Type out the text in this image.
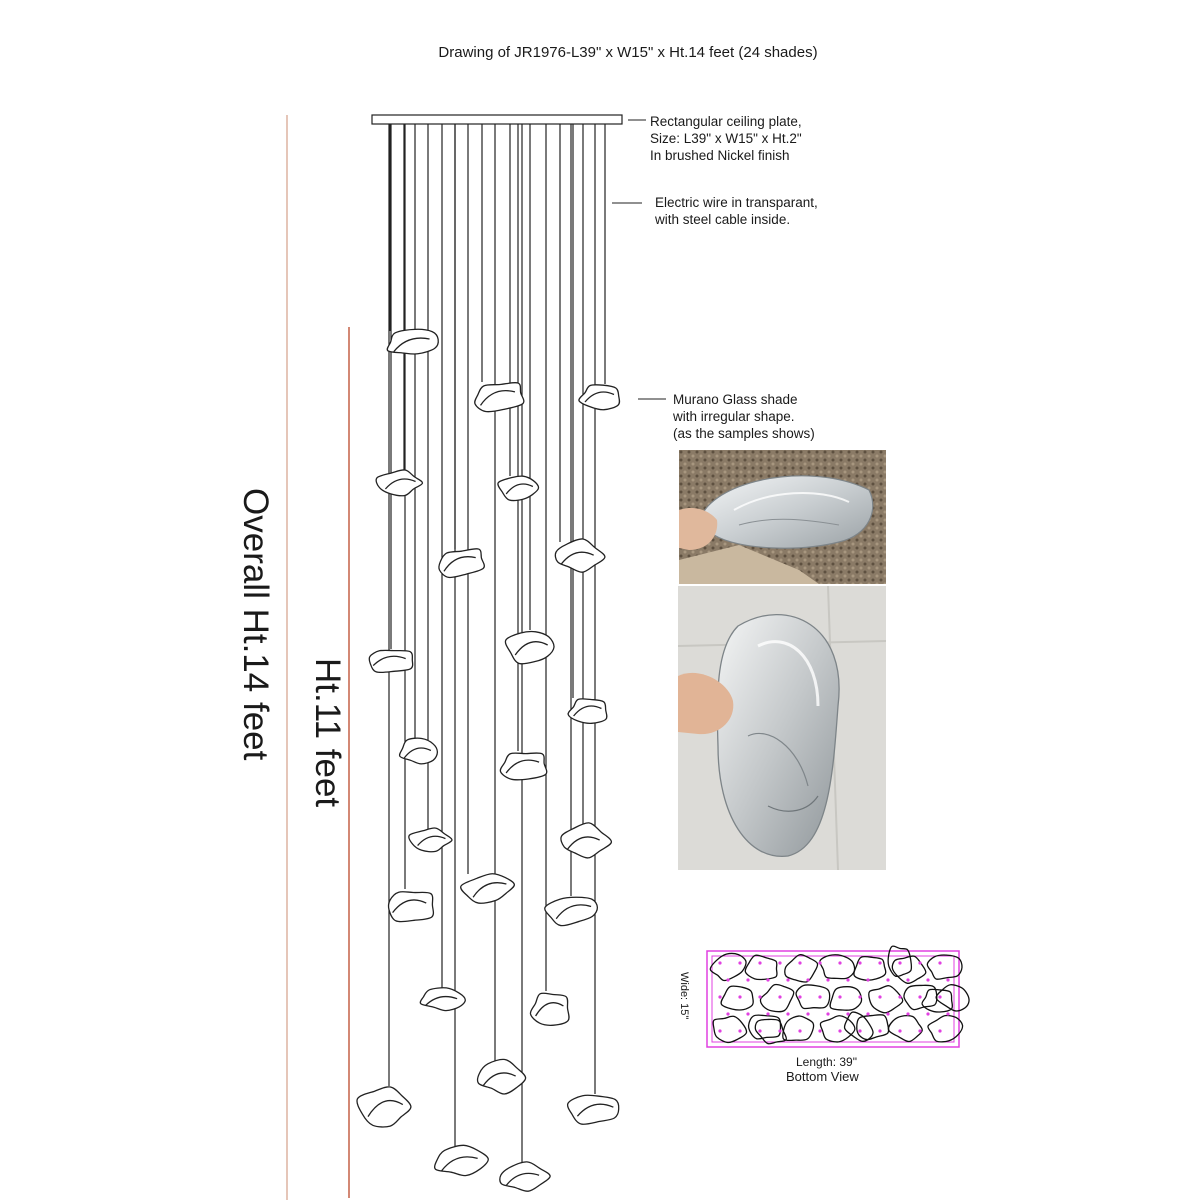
Drawing of JR1976-L39" x W15" x Ht.14 feet (24 shades)
Rectangular ceiling plate,
Size: L39" x W15" x Ht.2"
In brushed Nickel finish
Electric wire in transparant,
with steel cable inside.
Murano Glass shade
with irregular shape.
(as the samples shows)
Overall Ht.14 feet Ht.11 feet
Wide: 15"
Length: 39"
Bottom View
